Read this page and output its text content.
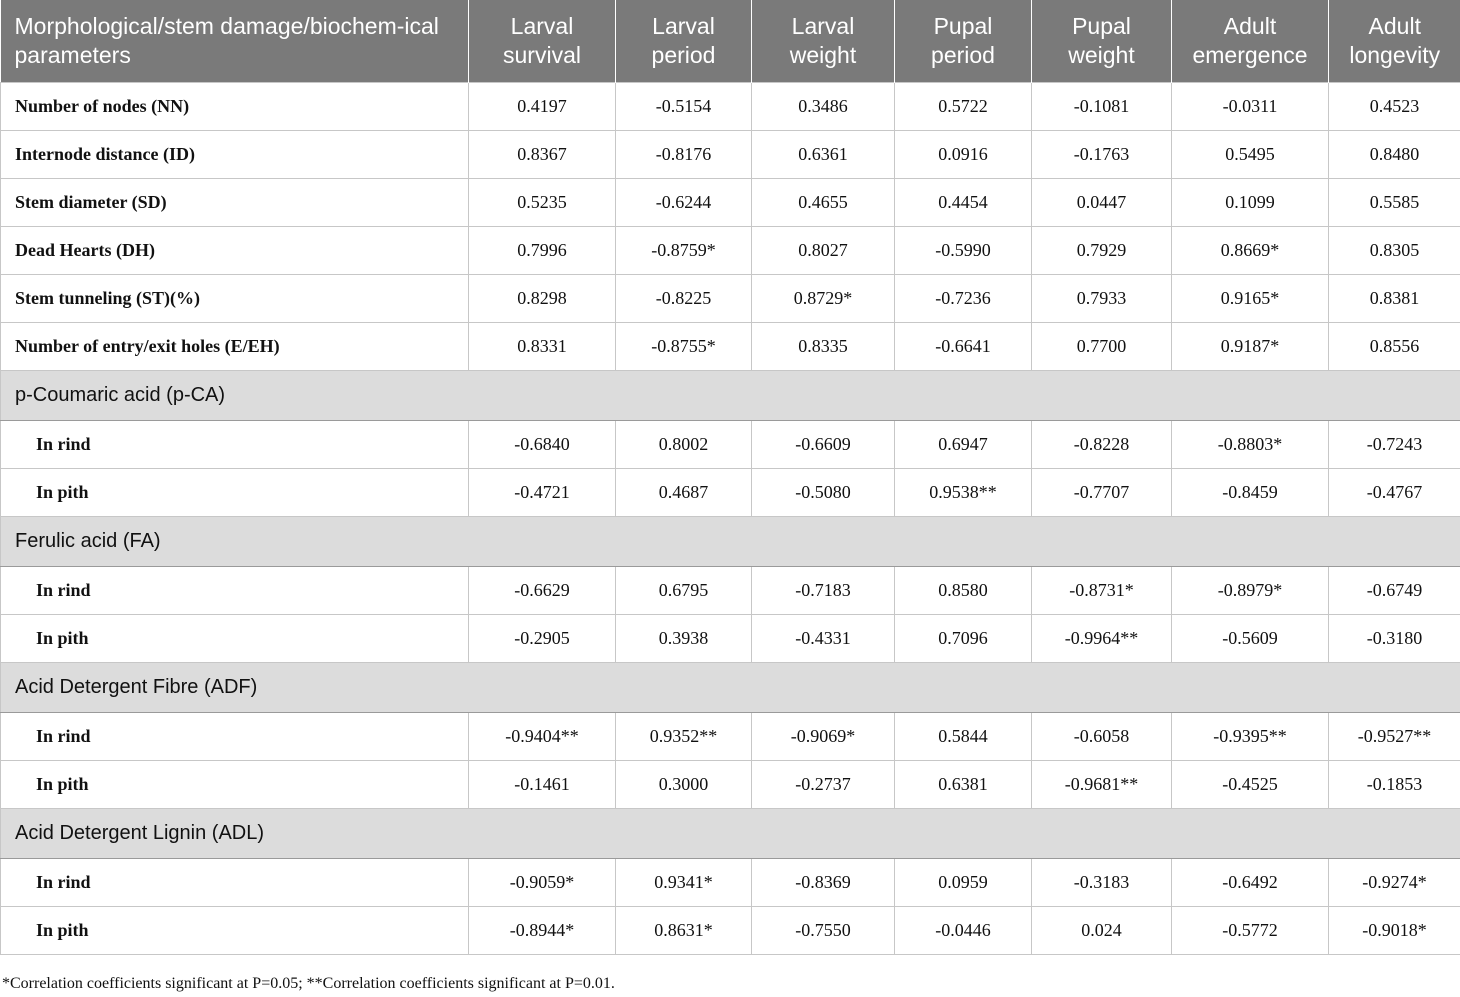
Morphological/stem damage/biochem-ical parameters	Larval survival	Larval period	Larval weight	Pupal period	Pupal weight	Adult emergence	Adult longevity
Number of nodes (NN)	0.4197	-0.5154	0.3486	0.5722	-0.1081	-0.0311	0.4523
Internode distance (ID)	0.8367	-0.8176	0.6361	0.0916	-0.1763	0.5495	0.8480
Stem diameter (SD)	0.5235	-0.6244	0.4655	0.4454	0.0447	0.1099	0.5585
Dead Hearts (DH)	0.7996	-0.8759*	0.8027	-0.5990	0.7929	0.8669*	0.8305
Stem tunneling (ST)(%)	0.8298	-0.8225	0.8729*	-0.7236	0.7933	0.9165*	0.8381
Number of entry/exit holes (E/EH)	0.8331	-0.8755*	0.8335	-0.6641	0.7700	0.9187*	0.8556
p-Coumaric acid (p-CA)							
In rind	-0.6840	0.8002	-0.6609	0.6947	-0.8228	-0.8803*	-0.7243
In pith	-0.4721	0.4687	-0.5080	0.9538**	-0.7707	-0.8459	-0.4767
Ferulic acid (FA)							
In rind	-0.6629	0.6795	-0.7183	0.8580	-0.8731*	-0.8979*	-0.6749
In pith	-0.2905	0.3938	-0.4331	0.7096	-0.9964**	-0.5609	-0.3180
Acid Detergent Fibre (ADF)							
In rind	-0.9404**	0.9352**	-0.9069*	0.5844	-0.6058	-0.9395**	-0.9527**
In pith	-0.1461	0.3000	-0.2737	0.6381	-0.9681**	-0.4525	-0.1853
Acid Detergent Lignin (ADL)							
In rind	-0.9059*	0.9341*	-0.8369	0.0959	-0.3183	-0.6492	-0.9274*
In pith	-0.8944*	0.8631*	-0.7550	-0.0446	0.024	-0.5772	-0.9018*
*Correlation coefficients significant at P=0.05; **Correlation coefficients significant at P=0.01.
